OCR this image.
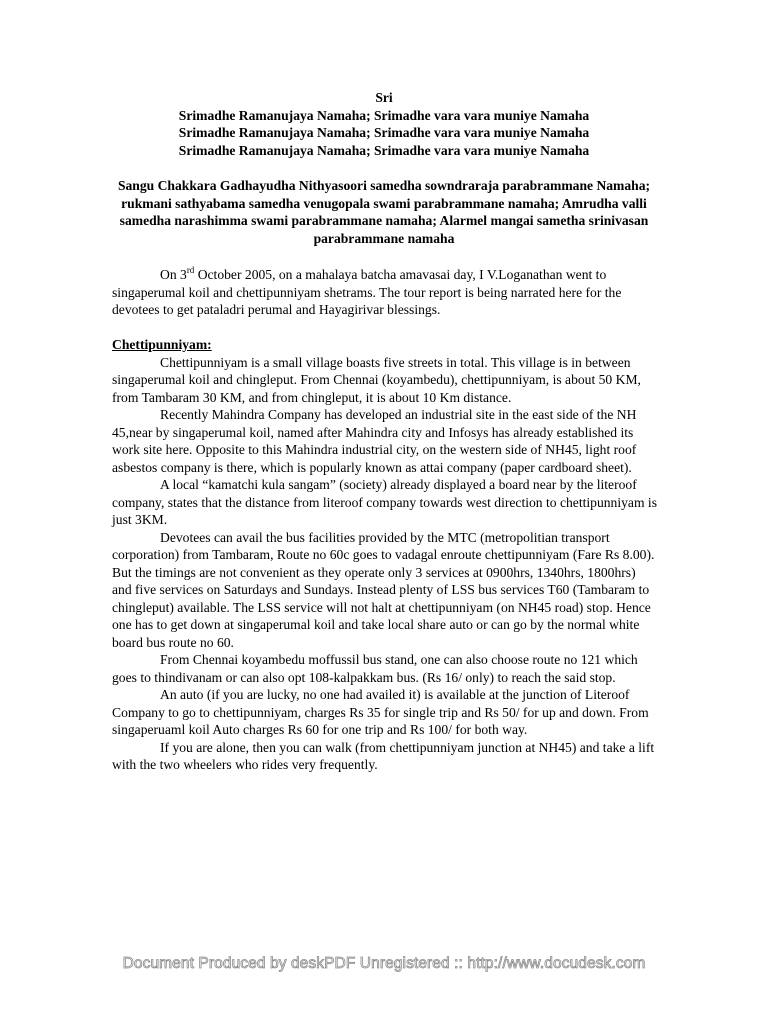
Sri
Srimadhe Ramanujaya Namaha; Srimadhe vara vara muniye Namaha
Srimadhe Ramanujaya Namaha; Srimadhe vara vara muniye Namaha
Srimadhe Ramanujaya Namaha; Srimadhe vara vara muniye Namaha
Sangu Chakkara Gadhayudha Nithyasoori samedha sowndraraja parabrammane Namaha; rukmani sathyabama samedha venugopala swami parabrammane namaha; Amrudha valli samedha narashimma swami parabrammane namaha; Alarmel mangai sametha srinivasan parabrammane namaha

On 3rd October 2005, on a mahalaya batcha amavasai day, I V.Loganathan went to singaperumal koil and chettipunniyam shetrams. The tour report is being narrated here for the devotees to get pataladri perumal and Hayagirivar blessings.

Chettipunniyam:

Chettipunniyam is a small village boasts five streets in total. This village is in between singaperumal koil and chingleput. From Chennai (koyambedu), chettipunniyam, is about 50 KM, from Tambaram 30 KM, and from chingleput, it is about 10 Km distance.

Recently Mahindra Company has developed an industrial site in the east side of the NH 45,near by singaperumal koil, named after Mahindra city and Infosys has already established its work site here. Opposite to this Mahindra industrial city, on the western side of NH45, light roof asbestos company is there, which is popularly known as attai company (paper cardboard sheet).

A local “kamatchi kula sangam” (society) already displayed a board near by the literoof company, states that the distance from literoof company towards west direction to chettipunniyam is just 3KM.

Devotees can avail the bus facilities provided by the MTC (metropolitian transport corporation) from Tambaram, Route no 60c goes to vadagal enroute chettipunniyam (Fare Rs 8.00). But the timings are not convenient as they operate only 3 services at 0900hrs, 1340hrs, 1800hrs) and five services on Saturdays and Sundays. Instead plenty of LSS bus services T60 (Tambaram to chingleput) available. The LSS service will not halt at chettipunniyam (on NH45 road) stop. Hence one has to get down at singaperumal koil and take local share auto or can go by the normal white board bus route no 60.

From Chennai koyambedu moffussil bus stand, one can also choose route no 121 which goes to thindivanam or can also opt 108-kalpakkam bus. (Rs 16/ only) to reach the said stop.

An auto (if you are lucky, no one had availed it) is available at the junction of Literoof Company to go to chettipunniyam, charges Rs 35 for single trip and Rs 50/ for up and down. From singaperuaml koil Auto charges Rs 60 for one trip and Rs 100/ for both way.

If you are alone, then you can walk (from chettipunniyam junction at NH45) and take a lift with the two wheelers who rides very frequently.

Document Produced by deskPDF Unregistered :: http://www.docudesk.com
